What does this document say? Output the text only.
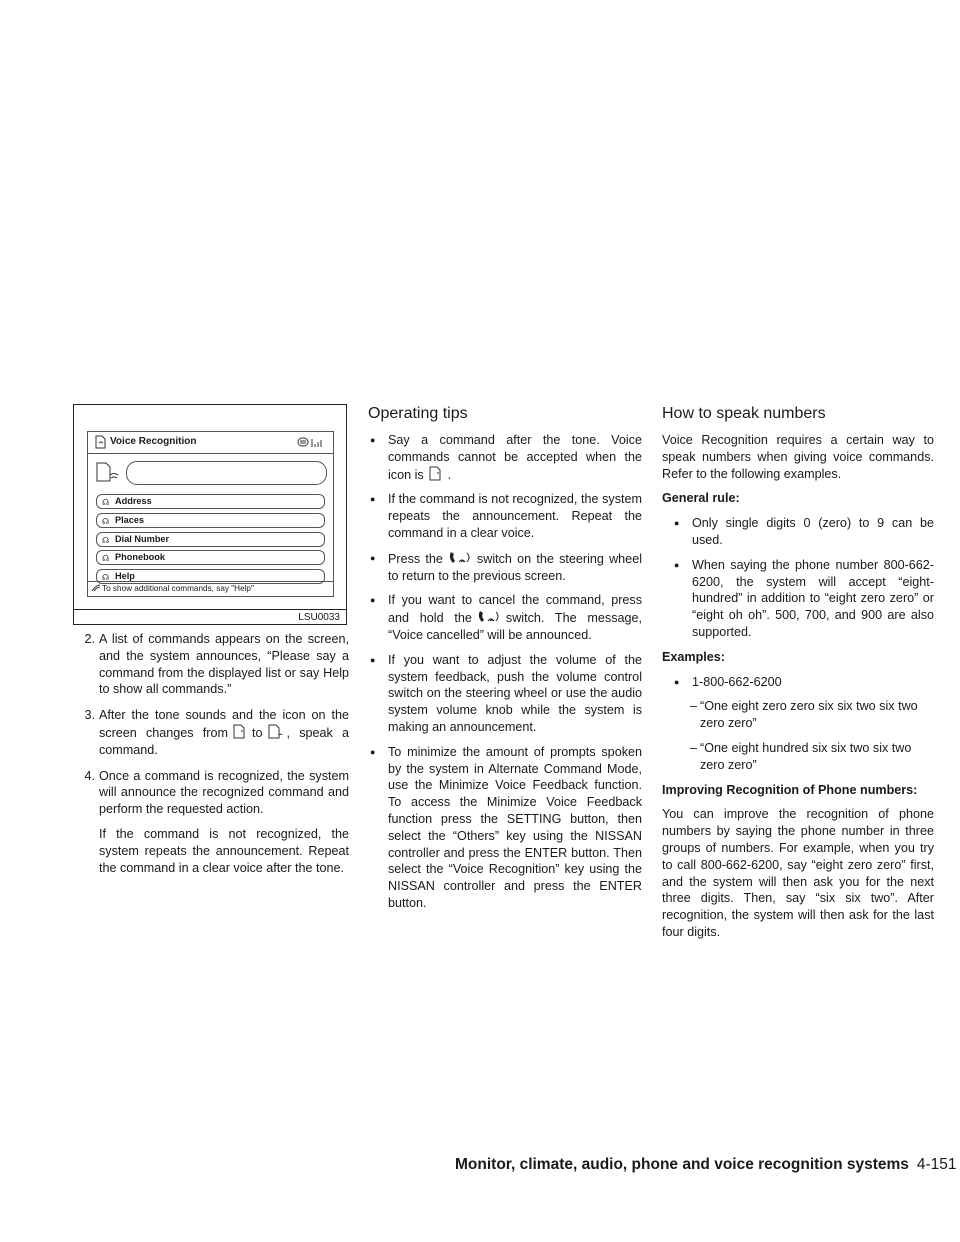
Voice Recognition
☊ Address
☊ Places
☊ Dial Number
☊ Phonebook
☊ Help
To show additional commands, say "Help"
LSU0033
2. A list of commands appears on the screen, and the system announces, “Please say a command from the displayed list or say Help to show all commands.”

3. After the tone sounds and the icon on the screen changes from to , speak a command.

4. Once a command is recognized, the system will announce the recognized command and perform the requested action.

If the command is not recognized, the system repeats the announcement. Repeat the command in a clear voice after the tone.

Operating tips
● Say a command after the tone. Voice commands cannot be accepted when the icon is .
● If the command is not recognized, the system repeats the announcement. Repeat the command in a clear voice.
● Press the	switch on the steering wheel to return to the previous screen.
● If you want to cancel the command, press and hold the	switch. The message, “Voice cancelled” will be announced.
● If you want to adjust the volume of the system feedback, push the volume control switch on the steering wheel or use the audio system volume knob while the system is making an announcement.
● To minimize the amount of prompts spoken by the system in Alternate Command Mode, use the Minimize Voice Feedback function. To access the Minimize Voice Feedback function press the SETTING button, then select the “Others” key using the NISSAN controller and press the ENTER button. Then select the “Voice Recognition” key using the NISSAN controller and press the ENTER button.
How to speak numbers

Voice Recognition requires a certain way to speak numbers when giving voice commands. Refer to the following examples.

General rule:

● Only single digits 0 (zero) to 9 can be used.
● When saying the phone number 800-662-6200, the system will accept “eight-hundred” in addition to “eight zero zero” or “eight oh oh”. 500, 700, and 900 are also supported.

Examples:

● 1-800-662-6200
– “One eight zero zero six six two six two zero zero”
– “One eight hundred six six two six two zero zero”

Improving Recognition of Phone numbers:

You can improve the recognition of phone numbers by saying the phone number in three groups of numbers. For example, when you try to call 800-662-6200, say “eight zero zero” first, and the system will then ask you for the next three digits. Then, say “six six two”. After recognition, the system will then ask for the last four digits.

Monitor, climate, audio, phone and voice recognition systems 4-151
